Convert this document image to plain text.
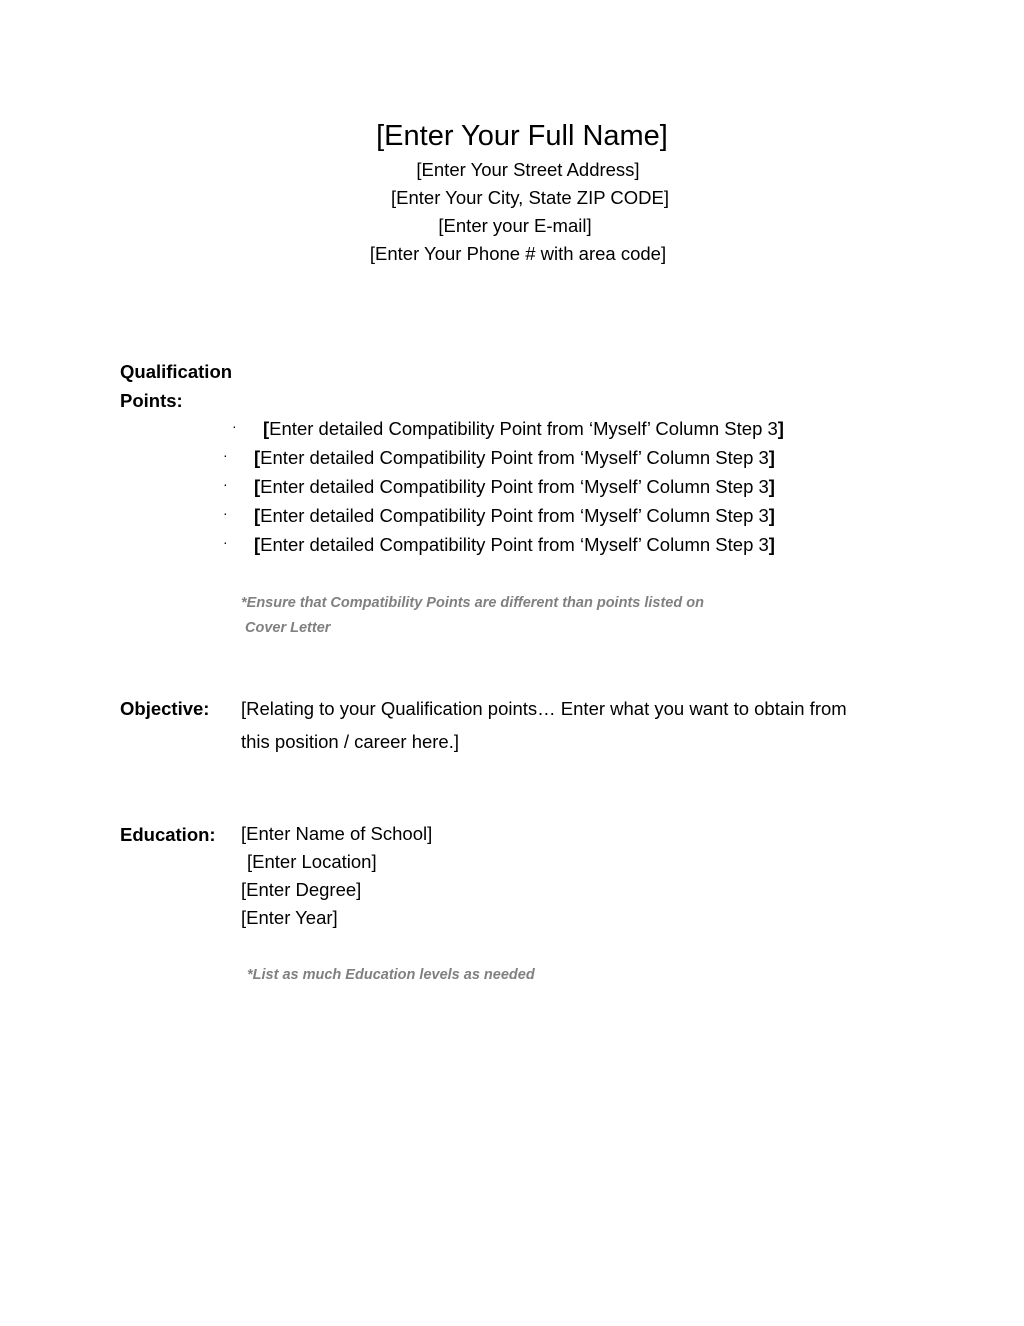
[Enter Your Full Name]
[Enter Your Street Address]
[Enter Your City, State ZIP CODE]
[Enter your E-mail]
[Enter Your Phone # with area code]
Qualification
Points:
· [Enter detailed Compatibility Point from ‘Myself’ Column Step 3]
· [Enter detailed Compatibility Point from ‘Myself’ Column Step 3]
· [Enter detailed Compatibility Point from ‘Myself’ Column Step 3]
· [Enter detailed Compatibility Point from ‘Myself’ Column Step 3]
· [Enter detailed Compatibility Point from ‘Myself’ Column Step 3]
*Ensure that Compatibility Points are different than points listed on
Cover Letter
Objective: [Relating to your Qualification points… Enter what you want to obtain from
this position / career here.]
Education: [Enter Name of School]
[Enter Location]
[Enter Degree]
[Enter Year]
*List as much Education levels as needed
